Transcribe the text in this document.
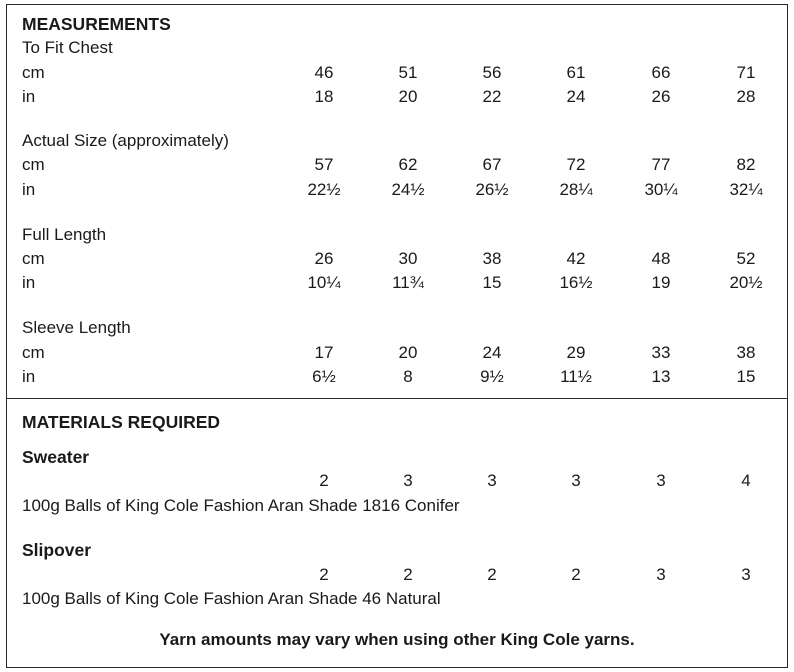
MEASUREMENTS
To Fit Chest
cm	46	51	56	61	66	71
in	18	20	22	24	26	28
Actual Size (approximately)
cm	57	62	67	72	77	82
in	22½	24½	26½	28¼	30¼	32¼
Full Length
cm	26	30	38	42	48	52
in	10¼	11¾	15	16½	19	20½
Sleeve Length
cm	17	20	24	29	33	38
in	6½	8	9½	11½	13	15
MATERIALS REQUIRED
Sweater
2	3	3	3	3	4
100g Balls of King Cole Fashion Aran Shade 1816 Conifer
Slipover
2	2	2	2	3	3
100g Balls of King Cole Fashion Aran Shade 46 Natural
Yarn amounts may vary when using other King Cole yarns.
